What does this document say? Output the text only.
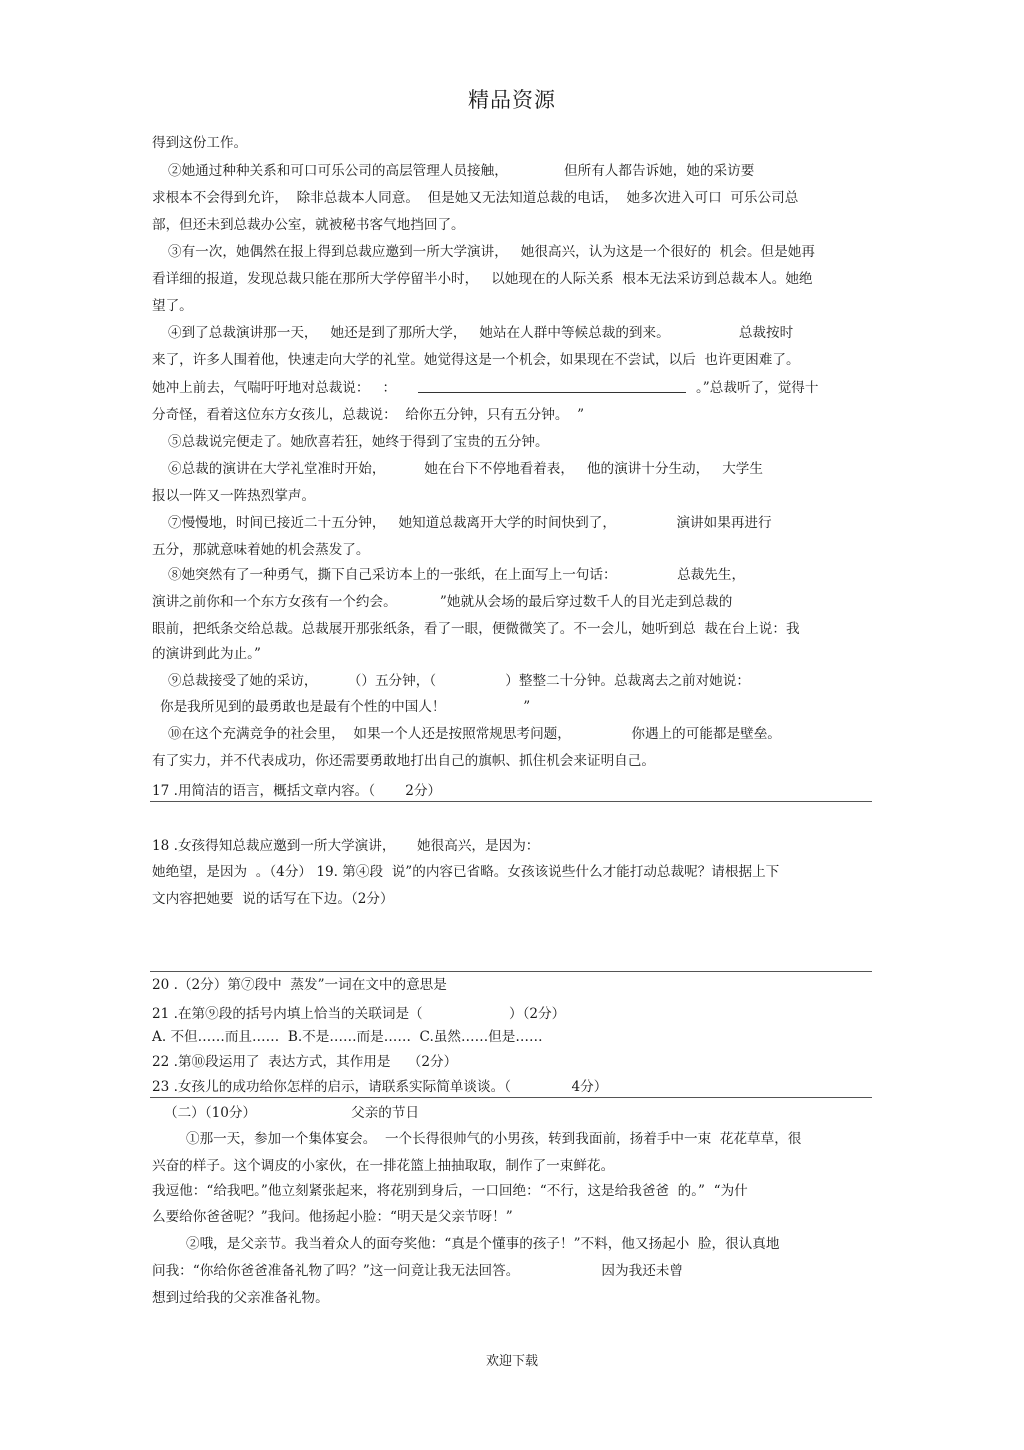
精品资源
得到这份工作。
②她通过种种关系和可口可乐公司的高层管理人员接触，             但所有人都告诉她，她的采访要
求根本不会得到允许，  除非总裁本人同意。  但是她又无法知道总裁的电话，  她多次进入可口  可乐公司总
部，但还未到总裁办公室，就被秘书客气地挡回了。
③有一次，她偶然在报上得到总裁应邀到一所大学演讲，   她很高兴，认为这是一个很好的  机会。但是她再
看详细的报道，发现总裁只能在那所大学停留半小时，   以她现在的人际关系  根本无法采访到总裁本人。她绝
望了。
④到了总裁演讲那一天，   她还是到了那所大学，   她站在人群中等候总裁的到来。                总裁按时
来了，许多人围着他，快速走向大学的礼堂。她觉得这是一个机会，如果现在不尝试，以后  也许更困难了。
她冲上前去，气喘吁吁地对总裁说：   ：	。”总裁听了，觉得十
分奇怪，看着这位东方女孩儿，总裁说：  给你五分钟，只有五分钟。  ”
⑤总裁说完便走了。她欣喜若狂，她终于得到了宝贵的五分钟。
⑥总裁的演讲在大学礼堂准时开始，         她在台下不停地看着表，   他的演讲十分生动，   大学生
报以一阵又一阵热烈掌声。
⑦慢慢地，时间已接近二十五分钟，   她知道总裁离开大学的时间快到了，              演讲如果再进行
五分，那就意味着她的机会蒸发了。
⑧她突然有了一种勇气，撕下自己采访本上的一张纸，在上面写上一句话：              总裁先生，
演讲之前你和一个东方女孩有一个约会。          ”她就从会场的最后穿过数千人的目光走到总裁的
眼前，把纸条交给总裁。总裁展开那张纸条，看了一眼，便微微笑了。不一会儿，她听到总  裁在台上说：我
的演讲到此为止。”
⑨总裁接受了她的采访，       （）五分钟，（                ）整整二十分钟。总裁离去之前对她说：
你是我所见到的最勇敢也是最有个性的中国人！                  ”
⑩在这个充满竞争的社会里，  如果一个人还是按照常规思考问题，              你遇上的可能都是壁垒。
有了实力，并不代表成功，你还需要勇敢地打出自己的旗帜、抓住机会来证明自己。
17 .用简洁的语言，概括文章内容。（       2分）
18 .女孩得知总裁应邀到一所大学演讲，     她很高兴，是因为：
她绝望，是因为  。（4分） 19. 第④段  说”的内容已省略。女孩该说些什么才能打动总裁呢？请根据上下
文内容把她要  说的话写在下边。（2分）
20 .（2分）第⑦段中  蒸发”一词在文中的意思是
21 .在第⑨段的括号内填上恰当的关联词是（                    ）（2分）
A. 不但……而且……  B.不是……而是……  C.虽然……但是……
22 .第⑩段运用了  表达方式，其作用是    （2分）
23 .女孩儿的成功给你怎样的启示，请联系实际简单谈谈。（              4分）
（二）（10分）                      父亲的节日
①那一天，参加一个集体宴会。  一个长得很帅气的小男孩，转到我面前，扬着手中一束  花花草草，很
兴奋的样子。这个调皮的小家伙，在一排花篮上抽抽取取，制作了一束鲜花。
我逗他：“给我吧。”他立刻紧张起来，将花别到身后，一口回绝：“不行，这是给我爸爸  的。”  “为什
么要给你爸爸呢？”我问。他扬起小脸：“明天是父亲节呀！”
②哦，是父亲节。我当着众人的面夸奖他：“真是个懂事的孩子！”不料，他又扬起小  脸，很认真地
问我：“你给你爸爸准备礼物了吗？”这一问竟让我无法回答。                   因为我还未曾
想到过给我的父亲准备礼物。
欢迎下载
